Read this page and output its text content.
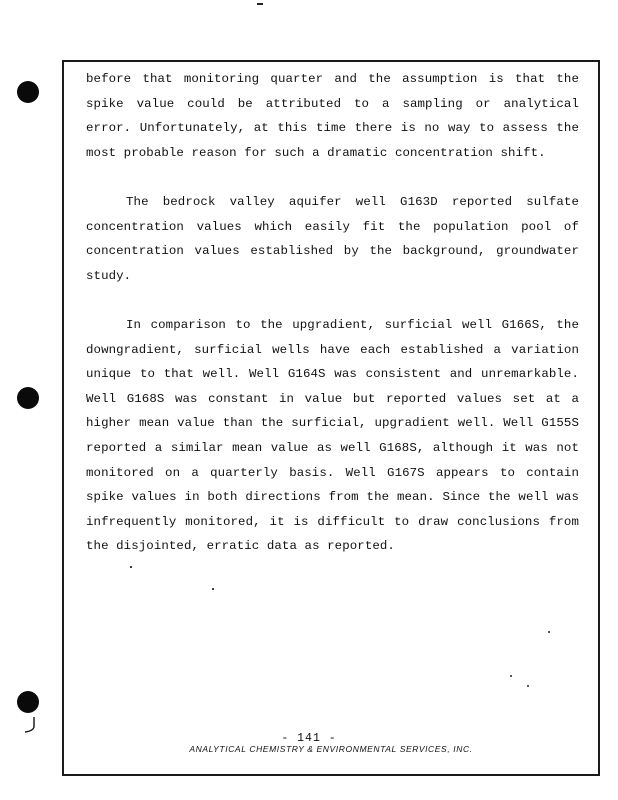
before that monitoring quarter and the assumption is that the spike value could be attributed to a sampling or analytical error. Unfortunately, at this time there is no way to assess the most probable reason for such a dramatic concentration shift.

The bedrock valley aquifer well G163D reported sulfate concentration values which easily fit the population pool of concentration values established by the background, groundwater study.

In comparison to the upgradient, surficial well G166S, the downgradient, surficial wells have each established a variation unique to that well. Well G164S was consistent and unremarkable. Well G168S was constant in value but reported values set at a higher mean value than the surficial, upgradient well. Well G155S reported a similar mean value as well G168S, although it was not monitored on a quarterly basis. Well G167S appears to contain spike values in both directions from the mean. Since the well was infrequently monitored, it is difficult to draw conclusions from the disjointed, erratic data as reported.

- 141 -
ANALYTICAL CHEMISTRY & ENVIRONMENTAL SERVICES, INC.
